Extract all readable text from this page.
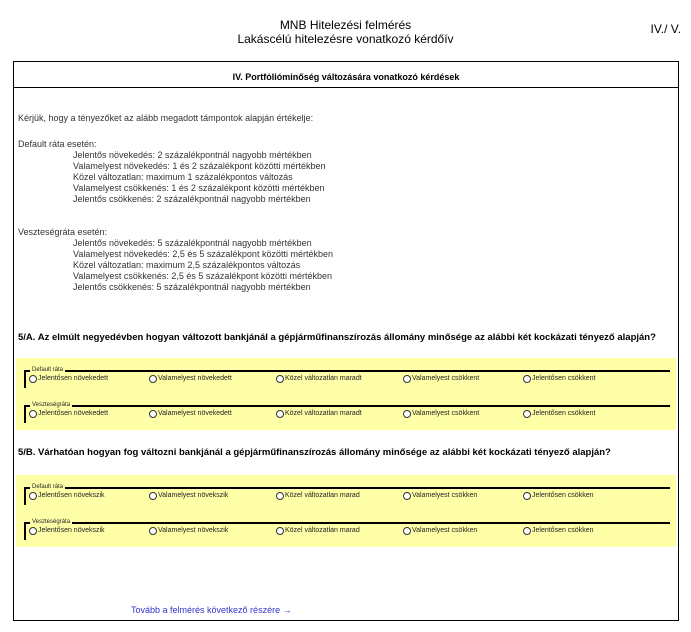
MNB Hitelezési felmérés
Lakáscélú hitelezésre vonatkozó kérdőív
IV./ V.
IV. Portfólióminőség változására vonatkozó kérdések
Kérjük, hogy a tényezőket az alább megadott támpontok alapján értékelje:
Default ráta esetén:
Jelentős növekedés: 2 százalékpontnál nagyobb mértékben
Valamelyest növekedés: 1 és 2 százalékpont közötti mértékben
Közel változatlan: maximum 1 százalékpontos változás
Valamelyest csökkenés: 1 és 2 százalékpont közötti mértékben
Jelentős csökkenés: 2 százalékpontnál nagyobb mértékben
Veszteségráta esetén:
Jelentős növekedés: 5 százalékpontnál nagyobb mértékben
Valamelyest növekedés: 2,5 és 5 százalékpont közötti mértékben
Közel változatlan: maximum 2,5 százalékpontos változás
Valamelyest csökkenés: 2,5 és 5 százalékpont közötti mértékben
Jelentős csökkenés: 5 százalékpontnál nagyobb mértékben
5/A. Az elmúlt negyedévben hogyan változott bankjánál a gépjárműfinanszírozás állomány minősége az alábbi két kockázati tényező alapján?
Default ráta
Jelentősen növekedett	Valamelyest növekedett	Közel változatlan maradt	Valamelyest csökkent	Jelentősen csökkent
Veszteségráta
Jelentősen növekedett	Valamelyest növekedett	Közel változatlan maradt	Valamelyest csökkent	Jelentősen csökkent
5/B. Várhatóan hogyan fog változni bankjánál a gépjárműfinanszírozás állomány minősége az alábbi két kockázati tényező alapján?
Default ráta
Jelentősen növekszik	Valamelyest növekszik	Közel változatlan marad	Valamelyest csökken	Jelentősen csökken
Veszteségráta
Jelentősen növekszik	Valamelyest növekszik	Közel változatlan marad	Valamelyest csökken	Jelentősen csökken
Tovább a felmérés következő részére →
